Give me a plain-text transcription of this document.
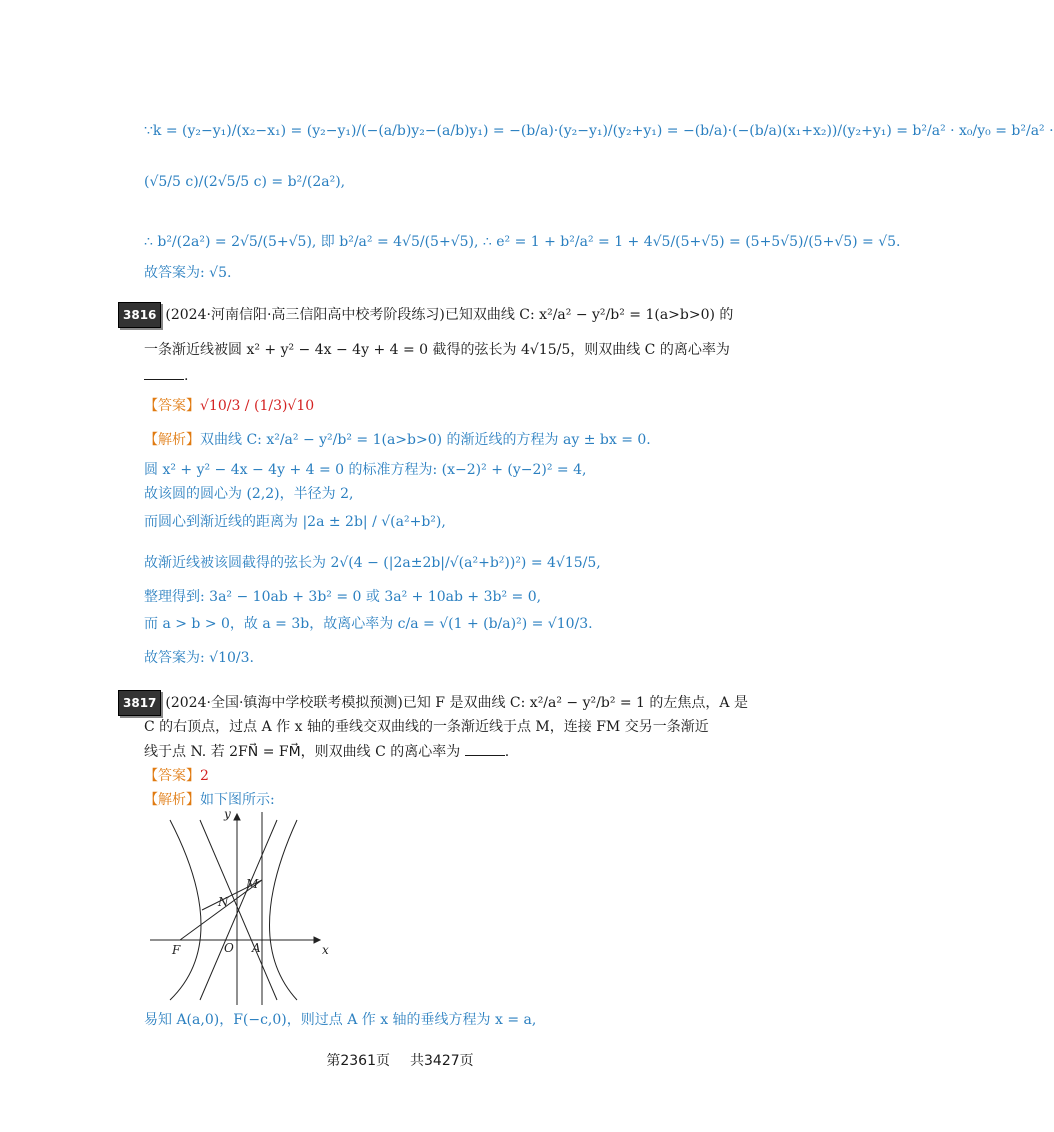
∵k = (y₂−y₁)/(x₂−x₁) = (y₂−y₁)/(−(a/b)y₂−(a/b)y₁) = −(b/a)·(y₂−y₁)/(y₂+y₁) = −(b/a)·(−(b/a)(x₁+x₂))/(y₂+y₁) = b²/a² · x₀/y₀ = b²/a² ·
(√5/5 c)/(2√5/5 c) = b²/(2a²),
∴ b²/(2a²) = 2√5/(5+√5), 即 b²/a² = 4√5/(5+√5), ∴ e² = 1 + b²/a² = 1 + 4√5/(5+√5) = (5+5√5)/(5+√5) = √5.
故答案为: √5.
3816 (2024·河南信阳·高三信阳高中校考阶段练习)已知双曲线 C: x²/a² − y²/b² = 1(a>b>0) 的
一条渐近线被圆 x² + y² − 4x − 4y + 4 = 0 截得的弦长为 4√15/5，则双曲线 C 的离心率为
.
【答案】√10/3 / (1/3)√10
【解析】双曲线 C: x²/a² − y²/b² = 1(a>b>0) 的渐近线的方程为 ay ± bx = 0.
圆 x² + y² − 4x − 4y + 4 = 0 的标准方程为: (x−2)² + (y−2)² = 4,
故该圆的圆心为 (2,2)，半径为 2,
而圆心到渐近线的距离为 |2a ± 2b| / √(a²+b²),
故渐近线被该圆截得的弦长为 2√(4 − (|2a±2b|/√(a²+b²))²) = 4√15/5,
整理得到: 3a² − 10ab + 3b² = 0 或 3a² + 10ab + 3b² = 0,
而 a > b > 0，故 a = 3b，故离心率为 c/a = √(1 + (b/a)²) = √10/3.
故答案为: √10/3.
3817 (2024·全国·镇海中学校联考模拟预测)已知 F 是双曲线 C: x²/a² − y²/b² = 1 的左焦点，A 是
C 的右顶点，过点 A 作 x 轴的垂线交双曲线的一条渐近线于点 M，连接 FM 交另一条渐近
线于点 N. 若 2FN⃗ = FM⃗，则双曲线 C 的离心率为	.
【答案】2
【解析】如下图所示:
y
x
M
N
F	O A
易知 A(a,0)，F(−c,0)，则过点 A 作 x 轴的垂线方程为 x = a,
第2361页 共3427页
